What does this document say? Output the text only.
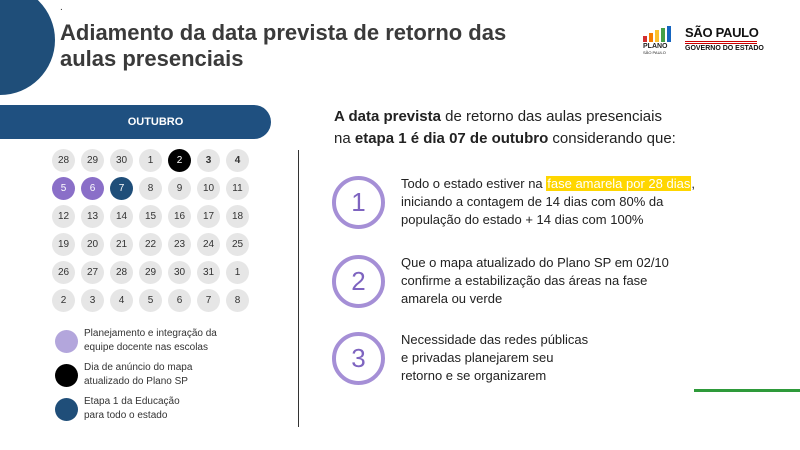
.
Adiamento da data prevista de retorno das
aulas presenciais	PLANO
SÃO PAULO
SÃO PAULO
GOVERNO DO ESTADO
OUTUBRO
28	29	30	1	2	3	4
5	6	7	8	9	10	11
12	13	14	15	16	17	18
19	20	21	22	23	24	25
26	27	28	29	30	31	1
2	3	4	5	6	7	8
Planejamento e integração da
equipe docente nas escolas
Dia de anúncio do mapa
atualizado do Plano SP
Etapa 1 da Educação
para todo o estado
A data prevista de retorno das aulas presenciais
na etapa 1 é dia 07 de outubro considerando que:
1
Todo o estado estiver na fase amarela por 28 dias,
iniciando a contagem de 14 dias com 80% da
população do estado + 14 dias com 100%
2
Que o mapa atualizado do Plano SP em 02/10
confirme a estabilização das áreas na fase
amarela ou verde
3
Necessidade das redes públicas
e privadas planejarem seu
retorno e se organizarem
